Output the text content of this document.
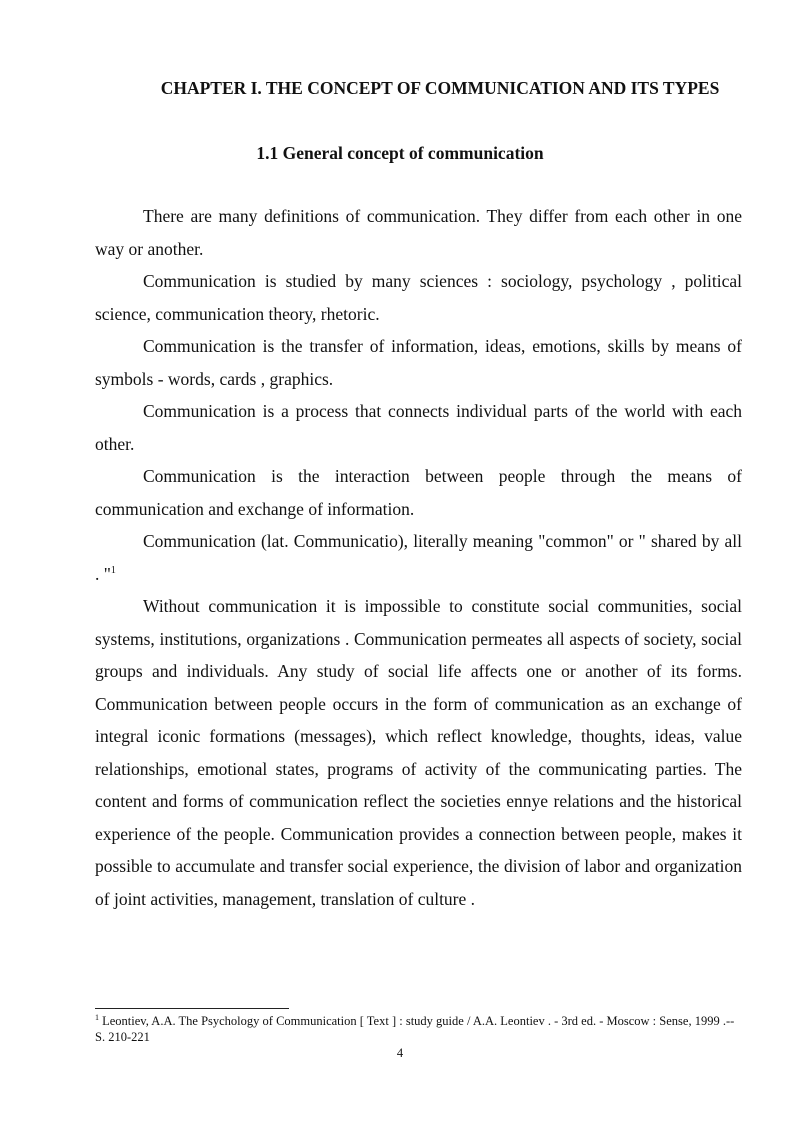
CHAPTER I. THE CONCEPT OF COMMUNICATION AND ITS TYPES
1.1 General concept of communication

There are many definitions of communication. They differ from each other in one way or another.

Communication is studied by many sciences : sociology, psychology , political science, communication theory, rhetoric.

Communication is the transfer of information, ideas, emotions, skills by means of symbols - words, cards , graphics.

Communication is a process that connects individual parts of the world with each other.

Communication is the interaction between people through the means of communication and exchange of information.

Communication (lat. Communicatio), literally meaning "common" or " shared by all . "$^1$

Without communication it is impossible to constitute social communities, social systems, institutions, organizations . Communication permeates all aspects of society, social groups and individuals. Any study of social life affects one or another of its forms. Communication between people occurs in the form of communication as an exchange of integral iconic formations (messages), which reflect knowledge, thoughts, ideas, value relationships, emotional states, programs of activity of the communicating parties. The content and forms of communication reflect the societies ennye relations and the historical experience of the people. Communication provides a connection between people, makes it possible to accumulate and transfer social experience, the division of labor and organization of joint activities, management, translation of culture .

$^1$ Leontiev, A.A. The Psychology of Communication [ Text ] : study guide / A.A. Leontiev . - 3rd ed. - Moscow : Sense, 1999 .-- S. 210-221

4
